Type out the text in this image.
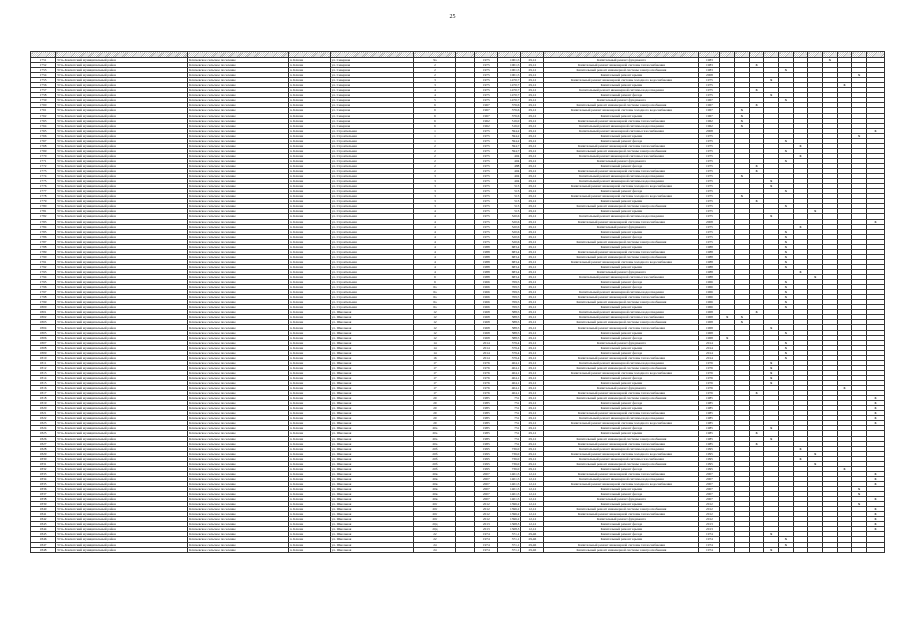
25

1751	Усть-Камчатский муниципальный район	Ключевское сельское поселение	п. Ключи	ул. Северная	9а		1975	1001,5	29,12	Капитальный ремонт фундамента	1983								X			
1752	Усть-Камчатский муниципальный район	Ключевское сельское поселение	п. Ключи	ул. Северная	2		1975	1001,5	29,12	Капитальный ремонт инженерной системы теплоснабжения	1983			X								
1753	Усть-Камчатский муниципальный район	Ключевское сельское поселение	п. Ключи	ул. Северная	2		1975	1001,5	29,12	Капитальный ремонт инженерной системы электроснабжения	1983					X						
1754	Усть-Камчатский муниципальный район	Ключевское сельское поселение	п. Ключи	ул. Северная	2		1975	1001,5	29,12	Капитальный ремонт крыши	2008										X	
1755	Усть-Камчатский муниципальный район	Ключевское сельское поселение	п. Ключи	ул. Северная	3		1975	1470,7	29,12	Капитальный ремонт инженерной системы холодного водоснабжения	1975				X							
1756	Усть-Камчатский муниципальный район	Ключевское сельское поселение	п. Ключи	ул. Северная	3		1975	1470,7	29,12	Капитальный ремонт крыши	1975									X		
1757	Усть-Камчатский муниципальный район	Ключевское сельское поселение	п. Ключи	ул. Северная	4		1975	1470,7	29,12	Капитальный ремонт инженерной системы водоотведения	1975			X								
1758	Усть-Камчатский муниципальный район	Ключевское сельское поселение	п. Ключи	ул. Северная	4		1975	1470,7	29,12	Капитальный ремонт фасада	1975				X							
1759	Усть-Камчатский муниципальный район	Ключевское сельское поселение	п. Ключи	ул. Северная	5		1975	1470,7	29,12	Капитальный ремонт фундамента	1967					X						
1760	Усть-Камчатский муниципальный район	Ключевское сельское поселение	п. Ключи	ул. Северная	6		1967	376,6	29,12	Капитальный ремонт инженерной системы электроснабжения	1967			X								
1761	Усть-Камчатский муниципальный район	Ключевское сельское поселение	п. Ключи	ул. Северная	6		1967	376,6	29,12	Капитальный ремонт инженерной системы холодного водоснабжения	1967		X									
1762	Усть-Камчатский муниципальный район	Ключевское сельское поселение	п. Ключи	ул. Северная	6		1967	376,6	29,12	Капитальный ремонт крыши	1967		X									
1763	Усть-Камчатский муниципальный район	Ключевское сельское поселение	п. Ключи	ул. Северная	6		1962	516,0	29,12	Капитальный ремонт инженерной системы теплоснабжения	1962		X									
1764	Усть-Камчатский муниципальный район	Ключевское сельское поселение	п. Ключи	ул. Северная	6		1962	516,0	29,12	Капитальный ремонт инженерной системы водоотведения	1962		X									
1765	Усть-Камчатский муниципальный район	Ключевское сельское поселение	п. Ключи	ул. Строительная	1		1975	594,2	29,12	Капитальный ремонт инженерной системы газоснабжения	2008											X
1766	Усть-Камчатский муниципальный район	Ключевское сельское поселение	п. Ключи	ул. Строительная	1		1975	594,2	29,12	Капитальный ремонт крыши	1975										X	
1767	Усть-Камчатский муниципальный район	Ключевское сельское поселение	п. Ключи	ул. Строительная	1		1975	594,2	29,12	Капитальный ремонт фасада	1975					X						
1768	Усть-Камчатский муниципальный район	Ключевское сельское поселение	п. Ключи	ул. Строительная	2		1975	594,7	29,12	Капитальный ремонт инженерной системы теплоснабжения	1975						X					
1769	Усть-Камчатский муниципальный район	Ключевское сельское поселение	п. Ключи	ул. Строительная	2		1975	594,7	29,12	Капитальный ремонт инженерной системы электроснабжения	1975					X						
1770	Усть-Камчатский муниципальный район	Ключевское сельское поселение	п. Ключи	ул. Строительная	2		1975	404	29,12	Капитальный ремонт инженерной системы газоснабжения	1975						X					
1771	Усть-Камчатский муниципальный район	Ключевское сельское поселение	п. Ключи	ул. Строительная	2		1975	404	29,12	Капитальный ремонт фундамента	1975					X						
1772	Усть-Камчатский муниципальный район	Ключевское сельское поселение	п. Ключи	ул. Строительная	2		1975	488	29,12	Капитальный ремонт фасада	1975			X								
1773	Усть-Камчатский муниципальный район	Ключевское сельское поселение	п. Ключи	ул. Строительная	2		1975	404	29,12	Капитальный ремонт инженерной системы теплоснабжения	1975			X								
1774	Усть-Камчатский муниципальный район	Ключевское сельское поселение	п. Ключи	ул. Строительная	3		1975	404	29,12	Капитальный ремонт инженерной системы водоотведения	1975		X									
1775	Усть-Камчатский муниципальный район	Ключевское сельское поселение	п. Ключи	ул. Строительная	3		1975	404	29,12	Капитальный ремонт инженерной системы водоотведения	1975				X							
1776	Усть-Камчатский муниципальный район	Ключевское сельское поселение	п. Ключи	ул. Строительная	3		1975	513	29,12	Капитальный ремонт инженерной системы холодного водоснабжения	1975				X							
1777	Усть-Камчатский муниципальный район	Ключевское сельское поселение	п. Ключи	ул. Строительная	3		1975	513	29,12	Капитальный ремонт фасада	1975					X						
1778	Усть-Камчатский муниципальный район	Ключевское сельское поселение	п. Ключи	ул. Строительная	3		1975	513	29,12	Капитальный ремонт инженерной системы холодного водоснабжения	1975		X									
1779	Усть-Камчатский муниципальный район	Ключевское сельское поселение	п. Ключи	ул. Строительная	3		1975	513	29,12	Капитальный ремонт крыши	1975			X								
1780	Усть-Камчатский муниципальный район	Ключевское сельское поселение	п. Ключи	ул. Строительная	3		1975	513	29,12	Капитальный ремонт инженерной системы электроснабжения	1975					X						
1781	Усть-Камчатский муниципальный район	Ключевское сельское поселение	п. Ключи	ул. Строительная	4		1975	513	29,12	Капитальный ремонт крыши	1975							X				
1782	Усть-Камчатский муниципальный район	Ключевское сельское поселение	п. Ключи	ул. Строительная	4		1975	520,6	29,12	Капитальный ремонт инженерной системы водоотведения	1975				X							
1783	Усть-Камчатский муниципальный район	Ключевское сельское поселение	п. Ключи	ул. Строительная	4		1975	520,6	29,12	Капитальный ремонт инженерной системы теплоснабжения	2008											X
1784	Усть-Камчатский муниципальный район	Ключевское сельское поселение	п. Ключи	ул. Строительная	4		1975	520,6	29,12	Капитальный ремонт фундамента	1975						X					
1785	Усть-Камчатский муниципальный район	Ключевское сельское поселение	п. Ключи	ул. Строительная	4		1975	520,6	29,12	Капитальный ремонт крыши	1975					X						
1786	Усть-Камчатский муниципальный район	Ключевское сельское поселение	п. Ключи	ул. Строительная	4		1975	520,6	29,12	Капитальный ремонт фасада	1975					X						
1787	Усть-Камчатский муниципальный район	Ключевское сельское поселение	п. Ключи	ул. Строительная	4		1975	520,6	29,12	Капитальный ремонт инженерной системы электроснабжения	1975					X						
1788	Усть-Камчатский муниципальный район	Ключевское сельское поселение	п. Ключи	ул. Строительная	4		1988	683,4	29,12	Капитальный ремонт крыши	1988					X						
1789	Усть-Камчатский муниципальный район	Ключевское сельское поселение	п. Ключи	ул. Строительная	4		1988	683,4	29,12	Капитальный ремонт инженерной системы теплоснабжения	1988					X						
1790	Усть-Камчатский муниципальный район	Ключевское сельское поселение	п. Ключи	ул. Строительная	4		1988	683,4	29,12	Капитальный ремонт инженерной системы электроснабжения	1988					X						
1791	Усть-Камчатский муниципальный район	Ключевское сельское поселение	п. Ключи	ул. Строительная	4		1988	683,4	29,12	Капитальный ремонт инженерной системы холодного водоснабжения	1988					X						
1792	Усть-Камчатский муниципальный район	Ключевское сельское поселение	п. Ключи	ул. Строительная	4		1988	683,4	29,12	Капитальный ремонт крыши	1988					X						
1793	Усть-Камчатский муниципальный район	Ключевское сельское поселение	п. Ключи	ул. Строительная	4		1988	683,4	29,12	Капитальный ремонт фундамента	1988						X					
1794	Усть-Камчатский муниципальный район	Ключевское сельское поселение	п. Ключи	ул. Строительная	6		1988	683,4	29,12	Капитальный ремонт инженерной системы газоснабжения	1988							X				
1795	Усть-Камчатский муниципальный район	Ключевское сельское поселение	п. Ключи	ул. Строительная	6		1966	769,5	29,12	Капитальный ремонт фасада	1966					X						
1796	Усть-Камчатский муниципальный район	Ключевское сельское поселение	п. Ключи	ул. Строительная	6а		1966	769,5	29,12	Капитальный ремонт фасада	1966					X						
1797	Усть-Камчатский муниципальный район	Ключевское сельское поселение	п. Ключи	ул. Строительная	6а		1966	769,5	29,12	Капитальный ремонт инженерной системы водоотведения	1966					X						
1798	Усть-Камчатский муниципальный район	Ключевское сельское поселение	п. Ключи	ул. Строительная	6а		1966	769,5	29,12	Капитальный ремонт инженерной системы теплоснабжения	1966					X						
1799	Усть-Камчатский муниципальный район	Ключевское сельское поселение	п. Ключи	ул. Строительная	6а		1966	769,5	29,12	Капитальный ремонт инженерной системы электроснабжения	1966					X						
1800	Усть-Камчатский муниципальный район	Ключевское сельское поселение	п. Ключи	ул. Строительная	6а		1966	769,5	29,12	Капитальный ремонт крыши	1966					X						
1801	Усть-Камчатский муниципальный район	Ключевское сельское поселение	п. Ключи	ул. Школьная	12		1968	588,5	29,12	Капитальный ремонт инженерной системы водоотведения	1968			X								
1802	Усть-Камчатский муниципальный район	Ключевское сельское поселение	п. Ключи	ул. Школьная	12		1968	588,5	29,12	Капитальный ремонт инженерной системы газоснабжения	1968	X	X									
1803	Усть-Камчатский муниципальный район	Ключевское сельское поселение	п. Ключи	ул. Школьная	12		1968	588,5	29,12	Капитальный ремонт инженерной системы электроснабжения	1968		X									
1804	Усть-Камчатский муниципальный район	Ключевское сельское поселение	п. Ключи	ул. Школьная	12		1968	588,5	29,12	Капитальный ремонт инженерной системы теплоснабжения	1968				X							
1805	Усть-Камчатский муниципальный район	Ключевское сельское поселение	п. Ключи	ул. Школьная	12		1968	588,5	29,12	Капитальный ремонт крыши	1968					X						
1806	Усть-Камчатский муниципальный район	Ключевское сельское поселение	п. Ключи	ул. Школьная	12		1968	588,5	29,12	Капитальный ремонт фасада	1968	X										
1807	Усть-Камчатский муниципальный район	Ключевское сельское поселение	п. Ключи	ул. Школьная	14		2014	379,4	29,12	Капитальный ремонт фундамента	2014					X						
1808	Усть-Камчатский муниципальный район	Ключевское сельское поселение	п. Ключи	ул. Школьная	14		2014	379,4	29,12	Капитальный ремонт крыши	2014					X						
1809	Усть-Камчатский муниципальный район	Ключевское сельское поселение	п. Ключи	ул. Школьная	14		2014	379,4	29,12	Капитальный ремонт фасада	2014					X						
1810	Усть-Камчатский муниципальный район	Ключевское сельское поселение	п. Ключи	ул. Школьная	16		2014	379,4	29,12	Капитальный ремонт инженерной системы теплоснабжения	2014					X						
1811	Усть-Камчатский муниципальный район	Ключевское сельское поселение	п. Ключи	ул. Школьная	17		1976	404,1	29,12	Капитальный ремонт инженерной системы водоотведения	1976				X							
1812	Усть-Камчатский муниципальный район	Ключевское сельское поселение	п. Ключи	ул. Школьная	17		1976	404,1	29,12	Капитальный ремонт инженерной системы электроснабжения	1976				X							
1813	Усть-Камчатский муниципальный район	Ключевское сельское поселение	п. Ключи	ул. Школьная	17		1976	404,1	29,12	Капитальный ремонт инженерной системы холодного водоснабжения	1976				X							
1814	Усть-Камчатский муниципальный район	Ключевское сельское поселение	п. Ключи	ул. Школьная	17		1976	404,1	29,12	Капитальный ремонт фасада	1976				X							
1815	Усть-Камчатский муниципальный район	Ключевское сельское поселение	п. Ключи	ул. Школьная	17		1976	404,1	29,12	Капитальный ремонт крыши	1976				X							
1816	Усть-Камчатский муниципальный район	Ключевское сельское поселение	п. Ключи	ул. Школьная	17		1976	404,1	29,12	Капитальный ремонт фундамента	1976									X		
1817	Усть-Камчатский муниципальный район	Ключевское сельское поселение	п. Ключи	ул. Школьная	17		1976	404,1	29,12	Капитальный ремонт инженерной системы теплоснабжения	1976			X								
1818	Усть-Камчатский муниципальный район	Ключевское сельское поселение	п. Ключи	ул. Школьная	20		1985	751	29,12	Капитальный ремонт инженерной системы электроснабжения	1985											X
1819	Усть-Камчатский муниципальный район	Ключевское сельское поселение	п. Ключи	ул. Школьная	20		1985	751	29,12	Капитальный ремонт фасада	1985											X
1820	Усть-Камчатский муниципальный район	Ключевское сельское поселение	п. Ключи	ул. Школьная	20		1985	751	29,12	Капитальный ремонт крыши	1985											X
1821	Усть-Камчатский муниципальный район	Ключевское сельское поселение	п. Ключи	ул. Школьная	20		1985	751	29,12	Капитальный ремонт инженерной системы теплоснабжения	1985											X
1822	Усть-Камчатский муниципальный район	Ключевское сельское поселение	п. Ключи	ул. Школьная	20		1985	751	29,12	Капитальный ремонт инженерной системы водоотведения	1985											X
1823	Усть-Камчатский муниципальный район	Ключевское сельское поселение	п. Ключи	ул. Школьная	20		1985	751	29,12	Капитальный ремонт инженерной системы холодного водоснабжения	1985											X
1824	Усть-Камчатский муниципальный район	Ключевское сельское поселение	п. Ключи	ул. Школьная	20а		1985	751	29,12	Капитальный ремонт фасада	1985				X							
1825	Усть-Камчатский муниципальный район	Ключевское сельское поселение	п. Ключи	ул. Школьная	20а		1985	751	29,12	Капитальный ремонт крыши	1985			X								
1826	Усть-Камчатский муниципальный район	Ключевское сельское поселение	п. Ключи	ул. Школьная	20а		1985	751	29,12	Капитальный ремонт инженерной системы электроснабжения	1985				X							
1827	Усть-Камчатский муниципальный район	Ключевское сельское поселение	п. Ключи	ул. Школьная	20а		1985	751	29,12	Капитальный ремонт инженерной системы теплоснабжения	1985			X								
1828	Усть-Камчатский муниципальный район	Ключевское сельское поселение	п. Ключи	ул. Школьная	20б		1995	736,0	29,12	Капитальный ремонт инженерной системы водоотведения	1995						X					
1829	Усть-Камчатский муниципальный район	Ключевское сельское поселение	п. Ключи	ул. Школьная	20б		1995	736,0	29,12	Капитальный ремонт инженерной системы холодного водоснабжения	1995							X				
1830	Усть-Камчатский муниципальный район	Ключевское сельское поселение	п. Ключи	ул. Школьная	20б		1995	736,0	29,12	Капитальный ремонт инженерной системы газоснабжения	1995						X					
1831	Усть-Камчатский муниципальный район	Ключевское сельское поселение	п. Ключи	ул. Школьная	20б		1995	736,0	29,12	Капитальный ремонт инженерной системы электроснабжения	1995							X				
1832	Усть-Камчатский муниципальный район	Ключевское сельское поселение	п. Ключи	ул. Школьная	20б		1995	736,0	29,12	Капитальный ремонт фасада	1995									X		
1833	Усть-Камчатский муниципальный район	Ключевское сельское поселение	п. Ключи	ул. Школьная	20в		2007	1401,5	12,12	Капитальный ремонт инженерной системы теплоснабжения	2007											X
1834	Усть-Камчатский муниципальный район	Ключевское сельское поселение	п. Ключи	ул. Школьная	20в		2007	1401,5	12,12	Капитальный ремонт инженерной системы водоотведения	2007											X
1835	Усть-Камчатский муниципальный район	Ключевское сельское поселение	п. Ключи	ул. Школьная	20в		2007	1401,5	12,12	Капитальный ремонт инженерной системы холодного водоснабжения	2007											X
1836	Усть-Камчатский муниципальный район	Ключевское сельское поселение	п. Ключи	ул. Школьная	20в		2007	1401,5	12,12	Капитальный ремонт крыши	2007										X	
1837	Усть-Камчатский муниципальный район	Ключевское сельское поселение	п. Ключи	ул. Школьная	20в		2007	1401,5	12,12	Капитальный ремонт фасада	2007										X	
1838	Усть-Камчатский муниципальный район	Ключевское сельское поселение	п. Ключи	ул. Школьная	20в		2007	1401,5	12,12	Капитальный ремонт фундамента	2007											X
1839	Усть-Камчатский муниципальный район	Ключевское сельское поселение	п. Ключи	ул. Школьная	20г		2012	1396,2	12,12	Капитальный ремонт крыши	2012										X	
1840	Усть-Камчатский муниципальный район	Ключевское сельское поселение	п. Ключи	ул. Школьная	20г		2012	1396,2	12,12	Капитальный ремонт инженерной системы электроснабжения	2012											X
1841	Усть-Камчатский муниципальный район	Ключевское сельское поселение	п. Ключи	ул. Школьная	20г		2012	1396,2	12,12	Капитальный ремонт инженерной системы теплоснабжения	2012											X
1842	Усть-Камчатский муниципальный район	Ключевское сельское поселение	п. Ключи	ул. Школьная	20г		2012	1396,2	12,12	Капитальный ремонт фундамента	2012											X
1843	Усть-Камчатский муниципальный район	Ключевское сельское поселение	п. Ключи	ул. Школьная	20д		2013	1368,3	12,12	Капитальный ремонт фасада	2013											X
1844	Усть-Камчатский муниципальный район	Ключевское сельское поселение	п. Ключи	ул. Школьная	20д		2013	1368,3	12,12	Капитальный ремонт крыши	2013											X
1845	Усть-Камчатский муниципальный район	Ключевское сельское поселение	п. Ключи	ул. Школьная	22		1974	371,1	29,46	Капитальный ремонт фасада	1974				X							
1846	Усть-Камчатский муниципальный район	Ключевское сельское поселение	п. Ключи	ул. Школьная	22		1974	371,1	29,46	Капитальный ремонт крыши	1974					X						
1847	Усть-Камчатский муниципальный район	Ключевское сельское поселение	п. Ключи	ул. Школьная	24		1974	371,1	29,46	Капитальный ремонт инженерной системы теплоснабжения	1974					X						
1848	Усть-Камчатский муниципальный район	Ключевское сельское поселение	п. Ключи	ул. Школьная	24		1974	371,1	29,46	Капитальный ремонт инженерной системы электроснабжения	1974				X							
